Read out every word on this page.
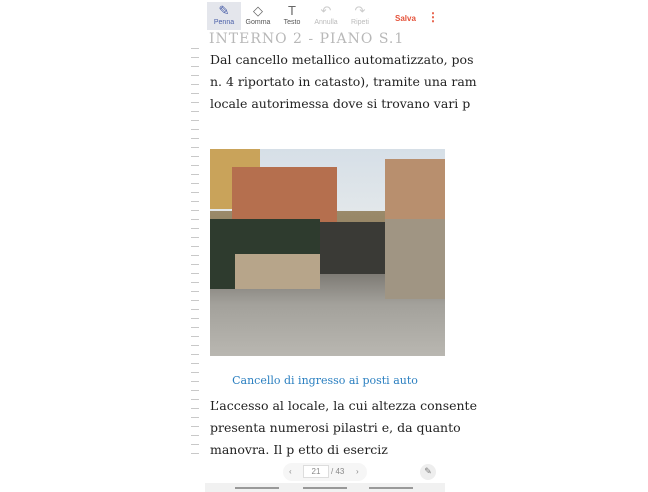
✎
Penna
◇
Gomma
T
Testo
↶
Annulla
↷
Ripeti	Salva ⋮
INTERNO 2 - PIANO S.1
Dal cancello metallico automatizzato, pos
n. 4 riportato in catasto), tramite una ram
locale autorimessa dove si trovano vari p
Cancello di ingresso ai posti auto
L’accesso al locale, la cui altezza consente
presenta numerosi pilastri e, da quanto
manovra. Il p etto di eserciz
‹	21	/ 43 ›	✎
